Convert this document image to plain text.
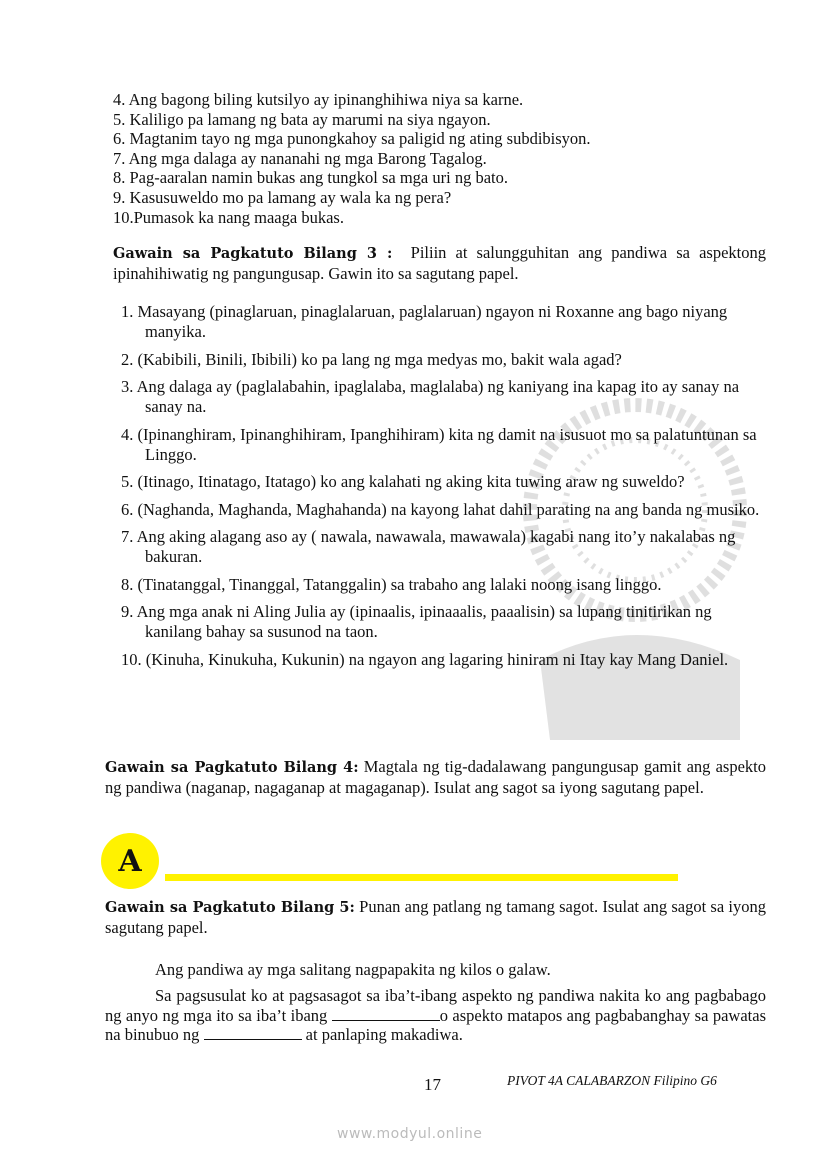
4. Ang bagong biling kutsilyo ay ipinanghihiwa niya sa karne.
5. Kaliligo pa lamang ng bata ay marumi na siya ngayon.
6. Magtanim tayo ng mga punongkahoy sa paligid ng ating subdibisyon.
7. Ang mga dalaga ay nananahi ng mga Barong Tagalog.
8. Pag-aaralan namin bukas ang tungkol sa mga uri ng bato.
9. Kasusuweldo mo pa lamang ay wala ka ng pera?
10.Pumasok ka nang maaga bukas.
Gawain sa Pagkatuto Bilang 3 : Piliin at salungguhitan ang pandiwa sa aspektong ipinahihiwatig ng pangungusap. Gawin ito sa sagutang papel.
1. Masayang (pinaglaruan, pinaglalaruan, paglalaruan) ngayon ni Roxanne ang bago niyang manyika.
2. (Kabibili, Binili, Ibibili) ko pa lang ng mga medyas mo, bakit wala agad?
3. Ang dalaga ay (paglalabahin, ipaglalaba, maglalaba) ng kaniyang ina kapag ito ay sanay na sanay na.
4. (Ipinanghiram, Ipinanghihiram, Ipanghihiram) kita ng damit na isusuot mo sa palatuntunan sa Linggo.
5. (Itinago, Itinatago, Itatago) ko ang kalahati ng aking kita tuwing araw ng suweldo?
6. (Naghanda, Maghanda, Maghahanda) na kayong lahat dahil parating na ang banda ng musiko.
7. Ang aking alagang aso ay ( nawala, nawawala, mawawala) kagabi nang ito’y nakalabas ng bakuran.
8. (Tinatanggal, Tinanggal, Tatanggalin) sa trabaho ang lalaki noong isang linggo.
9. Ang mga anak ni Aling Julia ay (ipinaalis, ipinaaalis, paaalisin) sa lupang tinitirikan ng kanilang bahay sa susunod na taon.
10. (Kinuha, Kinukuha, Kukunin) na ngayon ang lagaring hiniram ni Itay kay Mang Daniel.
Gawain sa Pagkatuto Bilang 4: Magtala ng tig-dadalawang pangungusap gamit ang aspekto ng pandiwa (naganap, nagaganap at magaganap). Isulat ang sagot sa iyong sagutang papel.
A
Gawain sa Pagkatuto Bilang 5: Punan ang patlang ng tamang sagot. Isulat ang sagot sa iyong sagutang papel.
Ang pandiwa ay mga salitang nagpapakita ng kilos o galaw.
Sa pagsusulat ko at pagsasagot sa iba’t-ibang aspekto ng pandiwa nakita ko ang pagbabago ng anyo ng mga ito sa iba’t ibang	o aspekto matapos ang pagbabanghay sa pawatas na binubuo ng	at panlaping makadiwa.
17	PIVOT 4A CALABARZON Filipino G6
www.modyul.online
